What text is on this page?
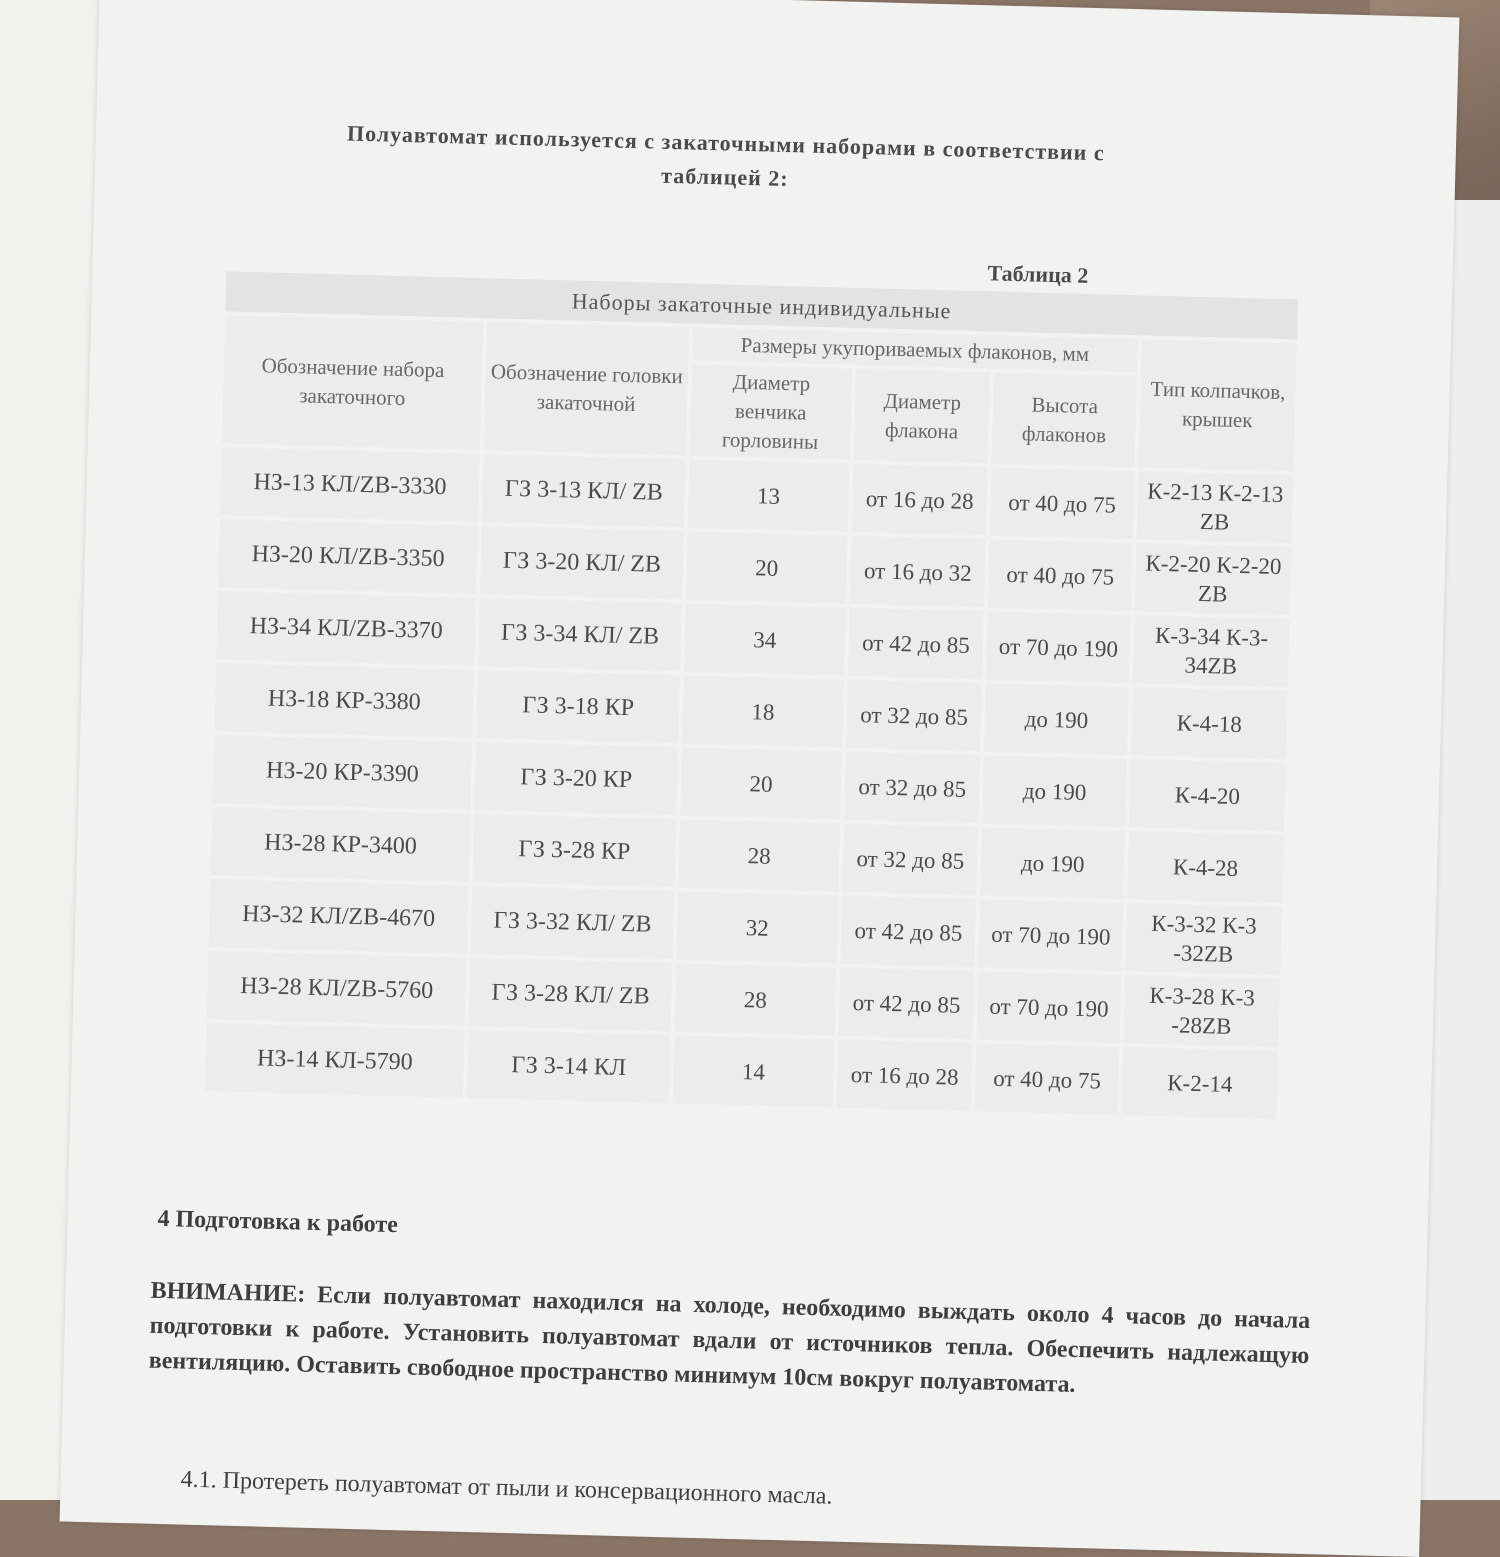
Полуавтомат используется с закаточными наборами в соответствии с
таблицей 2:
Таблица 2
Наборы закаточные индивидуальные					
Обозначение набора закаточного	Обозначение головки закаточной	Размеры укупориваемых флаконов, мм			Тип колпачков, крышек
		Диаметр венчика горловины	Диаметр флакона	Высота флаконов	
НЗ-13 КЛ/ZB-3330	ГЗ 3-13 КЛ/ ZB	13	от 16 до 28	от 40 до 75	К-2-13 К-2-13 ZB
НЗ-20 КЛ/ZB-3350	ГЗ 3-20 КЛ/ ZB	20	от 16 до 32	от 40 до 75	К-2-20 К-2-20 ZB
НЗ-34 КЛ/ZB-3370	ГЗ 3-34 КЛ/ ZB	34	от 42 до 85	от 70 до 190	К-3-34 К-3-34ZB
НЗ-18 КР-3380	ГЗ 3-18 КР	18	от 32 до 85	до 190	К-4-18
НЗ-20 КР-3390	ГЗ 3-20 КР	20	от 32 до 85	до 190	К-4-20
НЗ-28 КР-3400	ГЗ 3-28 КР	28	от 32 до 85	до 190	К-4-28
НЗ-32 КЛ/ZB-4670	ГЗ 3-32 КЛ/ ZB	32	от 42 до 85	от 70 до 190	К-3-32 К-3 -32ZB
НЗ-28 КЛ/ZB-5760	ГЗ 3-28 КЛ/ ZB	28	от 42 до 85	от 70 до 190	К-3-28 К-3 -28ZB
НЗ-14 КЛ-5790	ГЗ 3-14 КЛ	14	от 16 до 28	от 40 до 75	К-2-14
4 Подготовка к работе
ВНИМАНИЕ: Если полуавтомат находился на холоде, необходимо выждать около 4 часов до начала подготовки к работе. Установить полуавтомат вдали от источников тепла. Обеспечить надлежащую вентиляцию. Оставить свободное пространство минимум 10см вокруг полуавтомата.
4.1. Протереть полуавтомат от пыли и консервационного масла.
